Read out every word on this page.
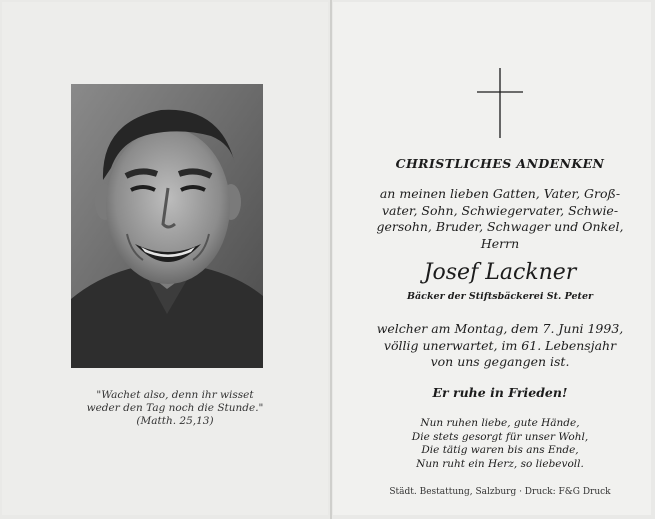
"Wachet also, denn ihr wisset
weder den Tag noch die Stunde."
(Matth. 25,13)
CHRISTLICHES ANDENKEN
an meinen lieben Gatten, Vater, Groß-
vater, Sohn, Schwiegervater, Schwie-
gersohn, Bruder, Schwager und Onkel,
Herrn
Josef Lackner
Bäcker der Stiftsbäckerei St. Peter
welcher am Montag, dem 7. Juni 1993,
völlig unerwartet, im 61. Lebensjahr
von uns gegangen ist.
Er ruhe in Frieden!
Nun ruhen liebe, gute Hände,
Die stets gesorgt für unser Wohl,
Die tätig waren bis ans Ende,
Nun ruht ein Herz, so liebevoll.
Städt. Bestattung, Salzburg · Druck: F&G Druck
